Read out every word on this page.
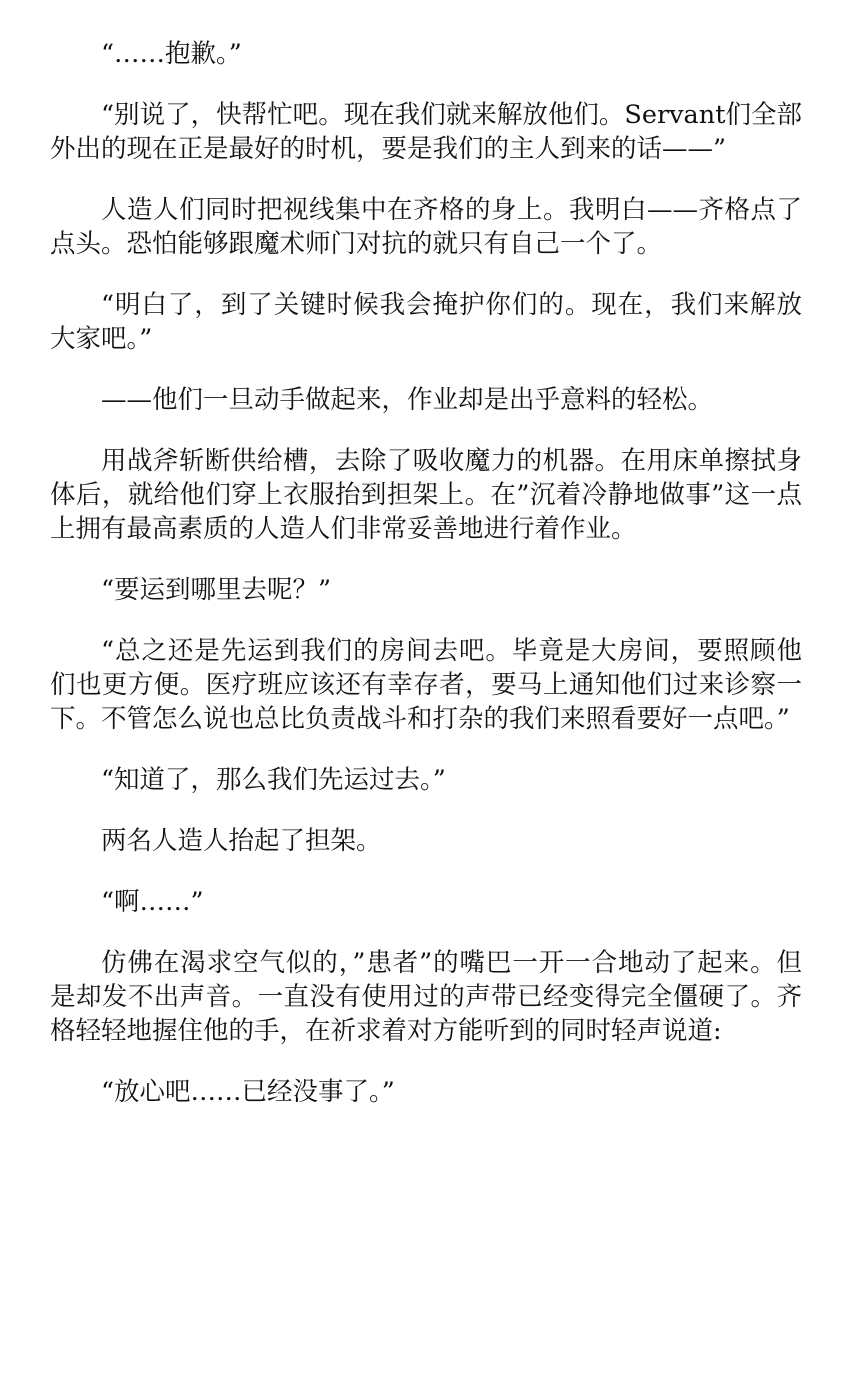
“……抱歉。”

“别说了，快帮忙吧。现在我们就来解放他们。Servant们全部外出的现在正是最好的时机，要是我们的主人到来的话——”

人造人们同时把视线集中在齐格的身上。我明白——齐格点了点头。恐怕能够跟魔术师门对抗的就只有自己一个了。

“明白了，到了关键时候我会掩护你们的。现在，我们来解放大家吧。”

——他们一旦动手做起来，作业却是出乎意料的轻松。

用战斧斩断供给槽，去除了吸收魔力的机器。在用床单擦拭身体后，就给他们穿上衣服抬到担架上。在”沉着冷静地做事”这一点上拥有最高素质的人造人们非常妥善地进行着作业。

“要运到哪里去呢？”

“总之还是先运到我们的房间去吧。毕竟是大房间，要照顾他们也更方便。医疗班应该还有幸存者，要马上通知他们过来诊察一下。不管怎么说也总比负责战斗和打杂的我们来照看要好一点吧。”

“知道了，那么我们先运过去。”

两名人造人抬起了担架。

“啊……”

仿佛在渴求空气似的，”患者”的嘴巴一开一合地动了起来。但是却发不出声音。一直没有使用过的声带已经变得完全僵硬了。齐格轻轻地握住他的手，在祈求着对方能听到的同时轻声说道:

“放心吧……已经没事了。”
